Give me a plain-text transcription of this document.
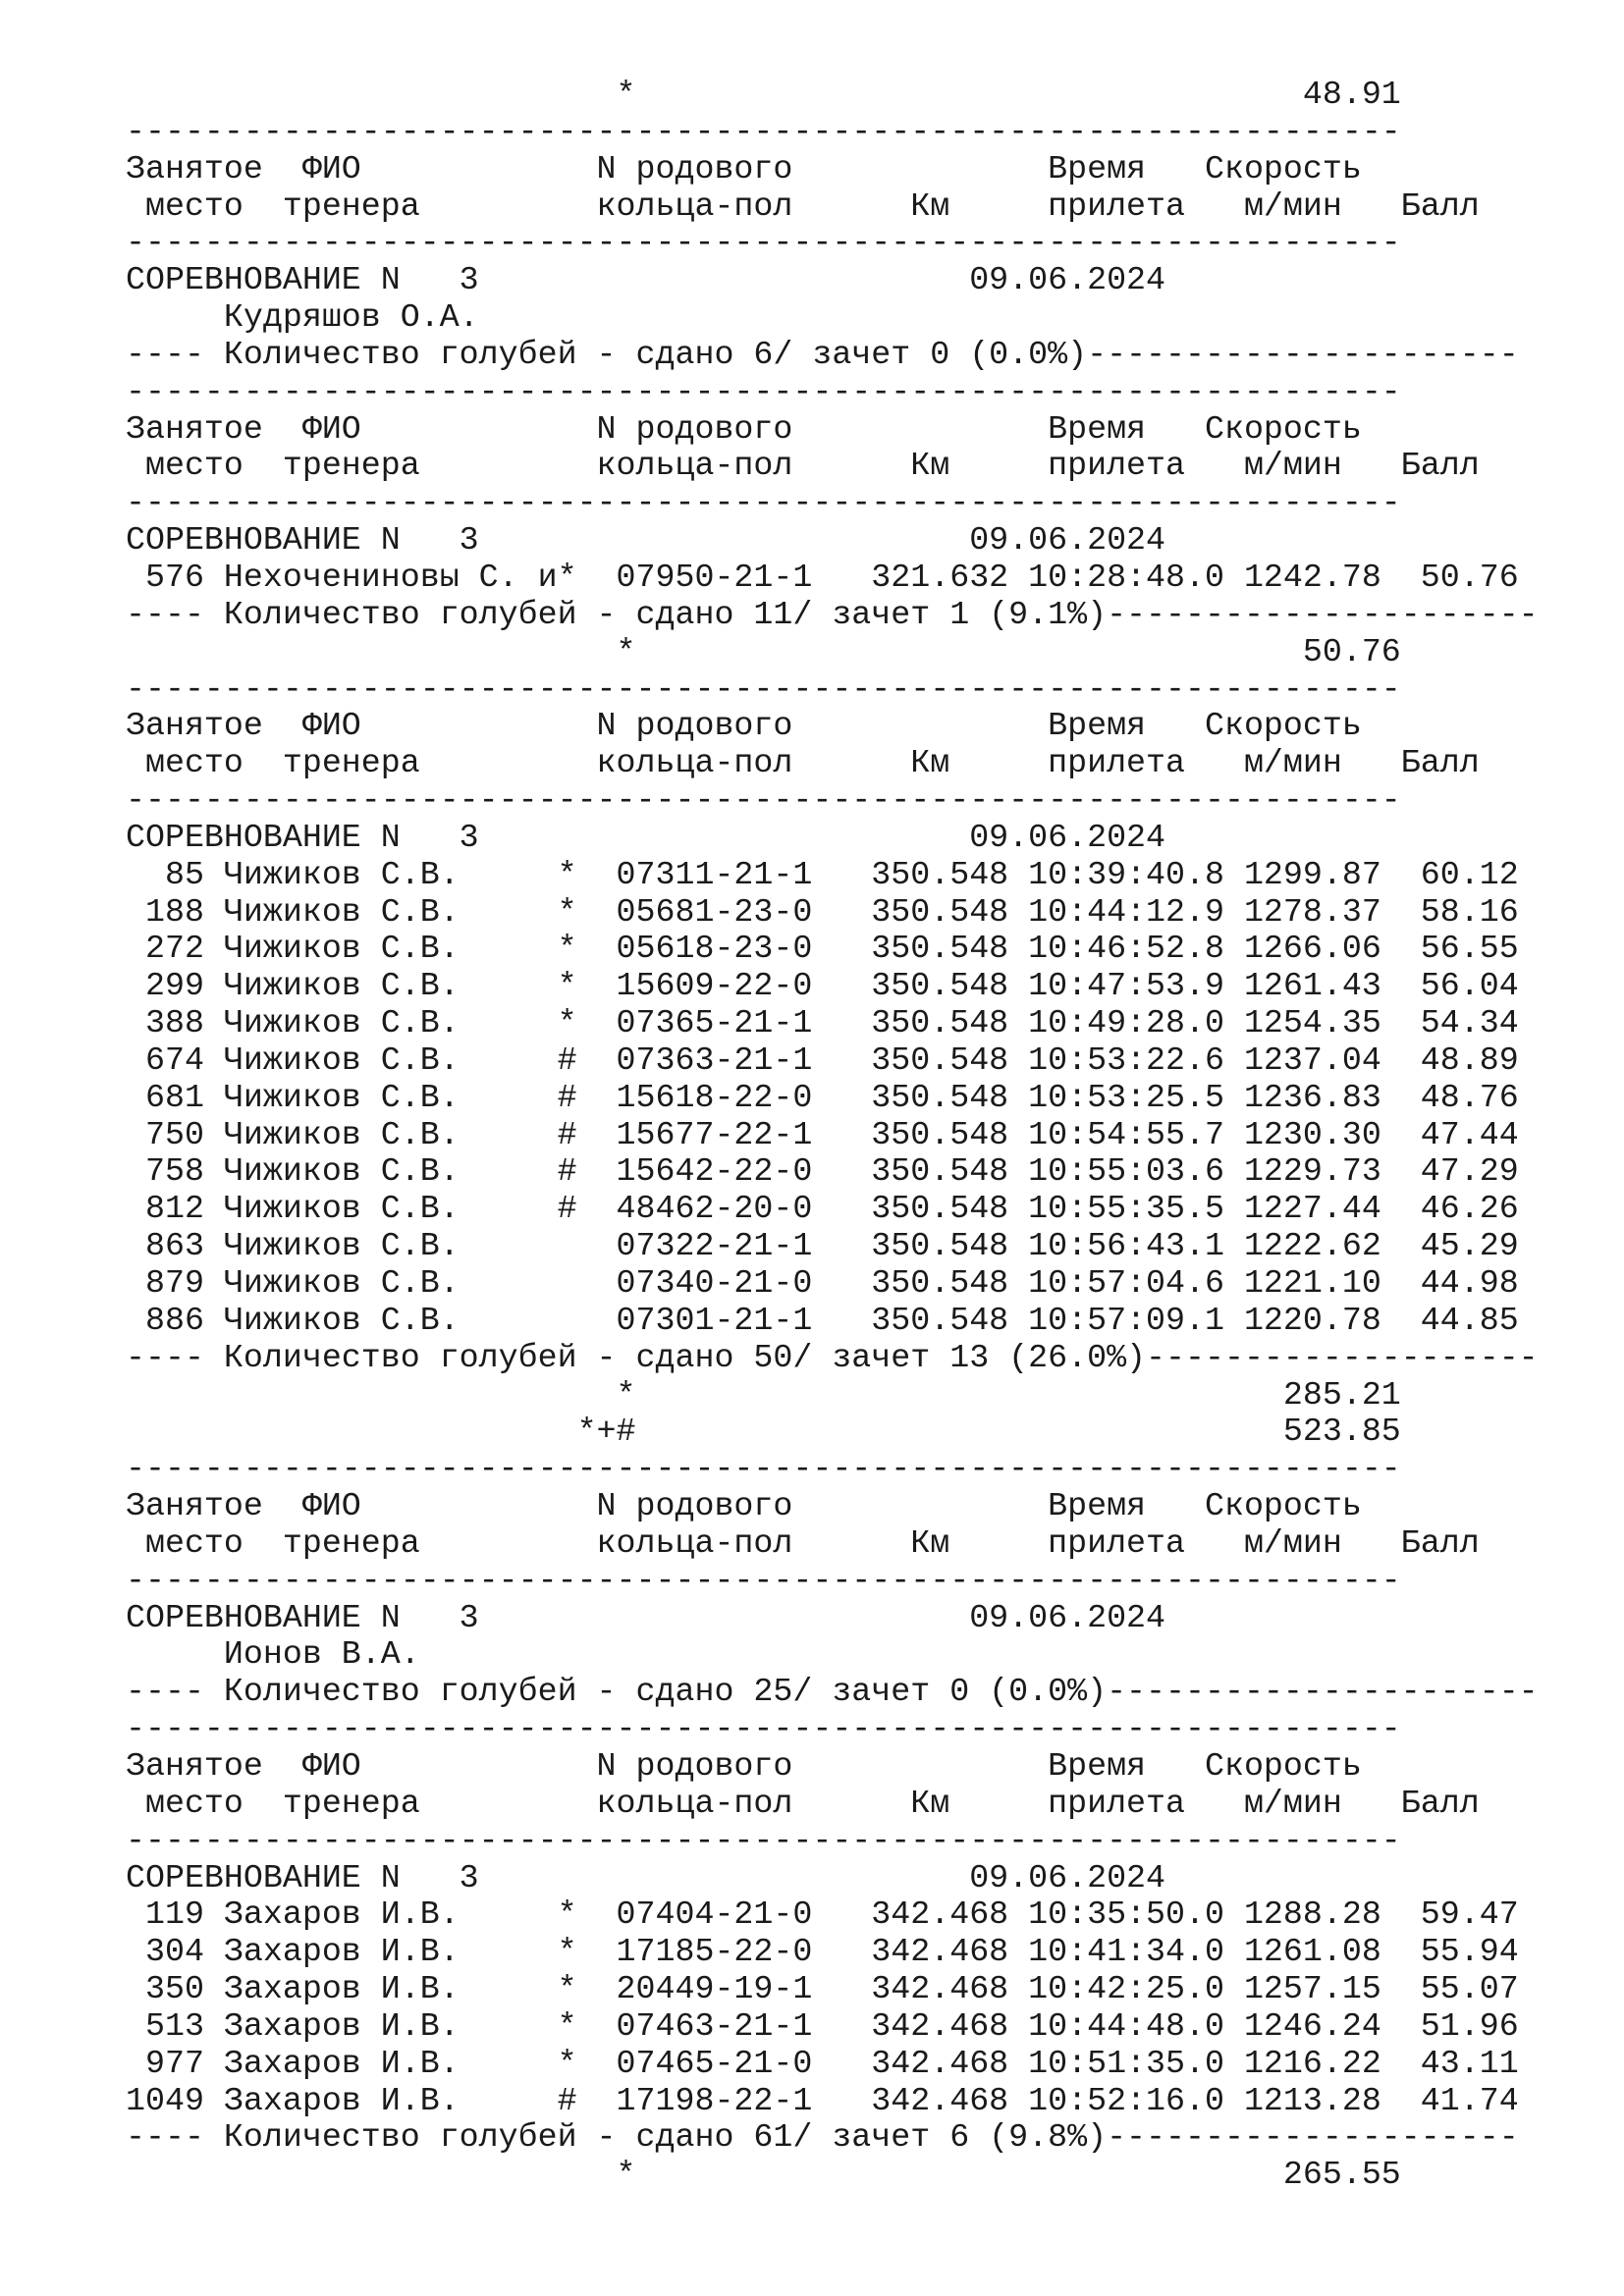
*                                  48.91
-----------------------------------------------------------------
Занятое  ФИО            N родового             Время   Скорость
место  тренера         кольца-пол      Км     прилета   м/мин   Балл
-----------------------------------------------------------------
СОРЕВНОВАНИЕ N   3                         09.06.2024
Кудряшов О.А.
---- Количество голубей - сдано 6/ зачет 0 (0.0%)----------------------
-----------------------------------------------------------------
Занятое  ФИО            N родового             Время   Скорость
место  тренера         кольца-пол      Км     прилета   м/мин   Балл
-----------------------------------------------------------------
СОРЕВНОВАНИЕ N   3                         09.06.2024
576 Нехочениновы С. и*  07950-21-1   321.632 10:28:48.0 1242.78  50.76
---- Количество голубей - сдано 11/ зачет 1 (9.1%)----------------------
*                                  50.76
-----------------------------------------------------------------
Занятое  ФИО            N родового             Время   Скорость
место  тренера         кольца-пол      Км     прилета   м/мин   Балл
-----------------------------------------------------------------
СОРЕВНОВАНИЕ N   3                         09.06.2024
85 Чижиков С.В.     *  07311-21-1   350.548 10:39:40.8 1299.87  60.12
188 Чижиков С.В.     *  05681-23-0   350.548 10:44:12.9 1278.37  58.16
272 Чижиков С.В.     *  05618-23-0   350.548 10:46:52.8 1266.06  56.55
299 Чижиков С.В.     *  15609-22-0   350.548 10:47:53.9 1261.43  56.04
388 Чижиков С.В.     *  07365-21-1   350.548 10:49:28.0 1254.35  54.34
674 Чижиков С.В.     #  07363-21-1   350.548 10:53:22.6 1237.04  48.89
681 Чижиков С.В.     #  15618-22-0   350.548 10:53:25.5 1236.83  48.76
750 Чижиков С.В.     #  15677-22-1   350.548 10:54:55.7 1230.30  47.44
758 Чижиков С.В.     #  15642-22-0   350.548 10:55:03.6 1229.73  47.29
812 Чижиков С.В.     #  48462-20-0   350.548 10:55:35.5 1227.44  46.26
863 Чижиков С.В.        07322-21-1   350.548 10:56:43.1 1222.62  45.29
879 Чижиков С.В.        07340-21-0   350.548 10:57:04.6 1221.10  44.98
886 Чижиков С.В.        07301-21-1   350.548 10:57:09.1 1220.78  44.85
---- Количество голубей - сдано 50/ зачет 13 (26.0%)--------------------
*                                 285.21
*+#                                 523.85
-----------------------------------------------------------------
Занятое  ФИО            N родового             Время   Скорость
место  тренера         кольца-пол      Км     прилета   м/мин   Балл
-----------------------------------------------------------------
СОРЕВНОВАНИЕ N   3                         09.06.2024
Ионов В.А.
---- Количество голубей - сдано 25/ зачет 0 (0.0%)----------------------
-----------------------------------------------------------------
Занятое  ФИО            N родового             Время   Скорость
место  тренера         кольца-пол      Км     прилета   м/мин   Балл
-----------------------------------------------------------------
СОРЕВНОВАНИЕ N   3                         09.06.2024
119 Захаров И.В.     *  07404-21-0   342.468 10:35:50.0 1288.28  59.47
304 Захаров И.В.     *  17185-22-0   342.468 10:41:34.0 1261.08  55.94
350 Захаров И.В.     *  20449-19-1   342.468 10:42:25.0 1257.15  55.07
513 Захаров И.В.     *  07463-21-1   342.468 10:44:48.0 1246.24  51.96
977 Захаров И.В.     *  07465-21-0   342.468 10:51:35.0 1216.22  43.11
1049 Захаров И.В.     #  17198-22-1   342.468 10:52:16.0 1213.28  41.74
---- Количество голубей - сдано 61/ зачет 6 (9.8%)---------------------
*                                 265.55
